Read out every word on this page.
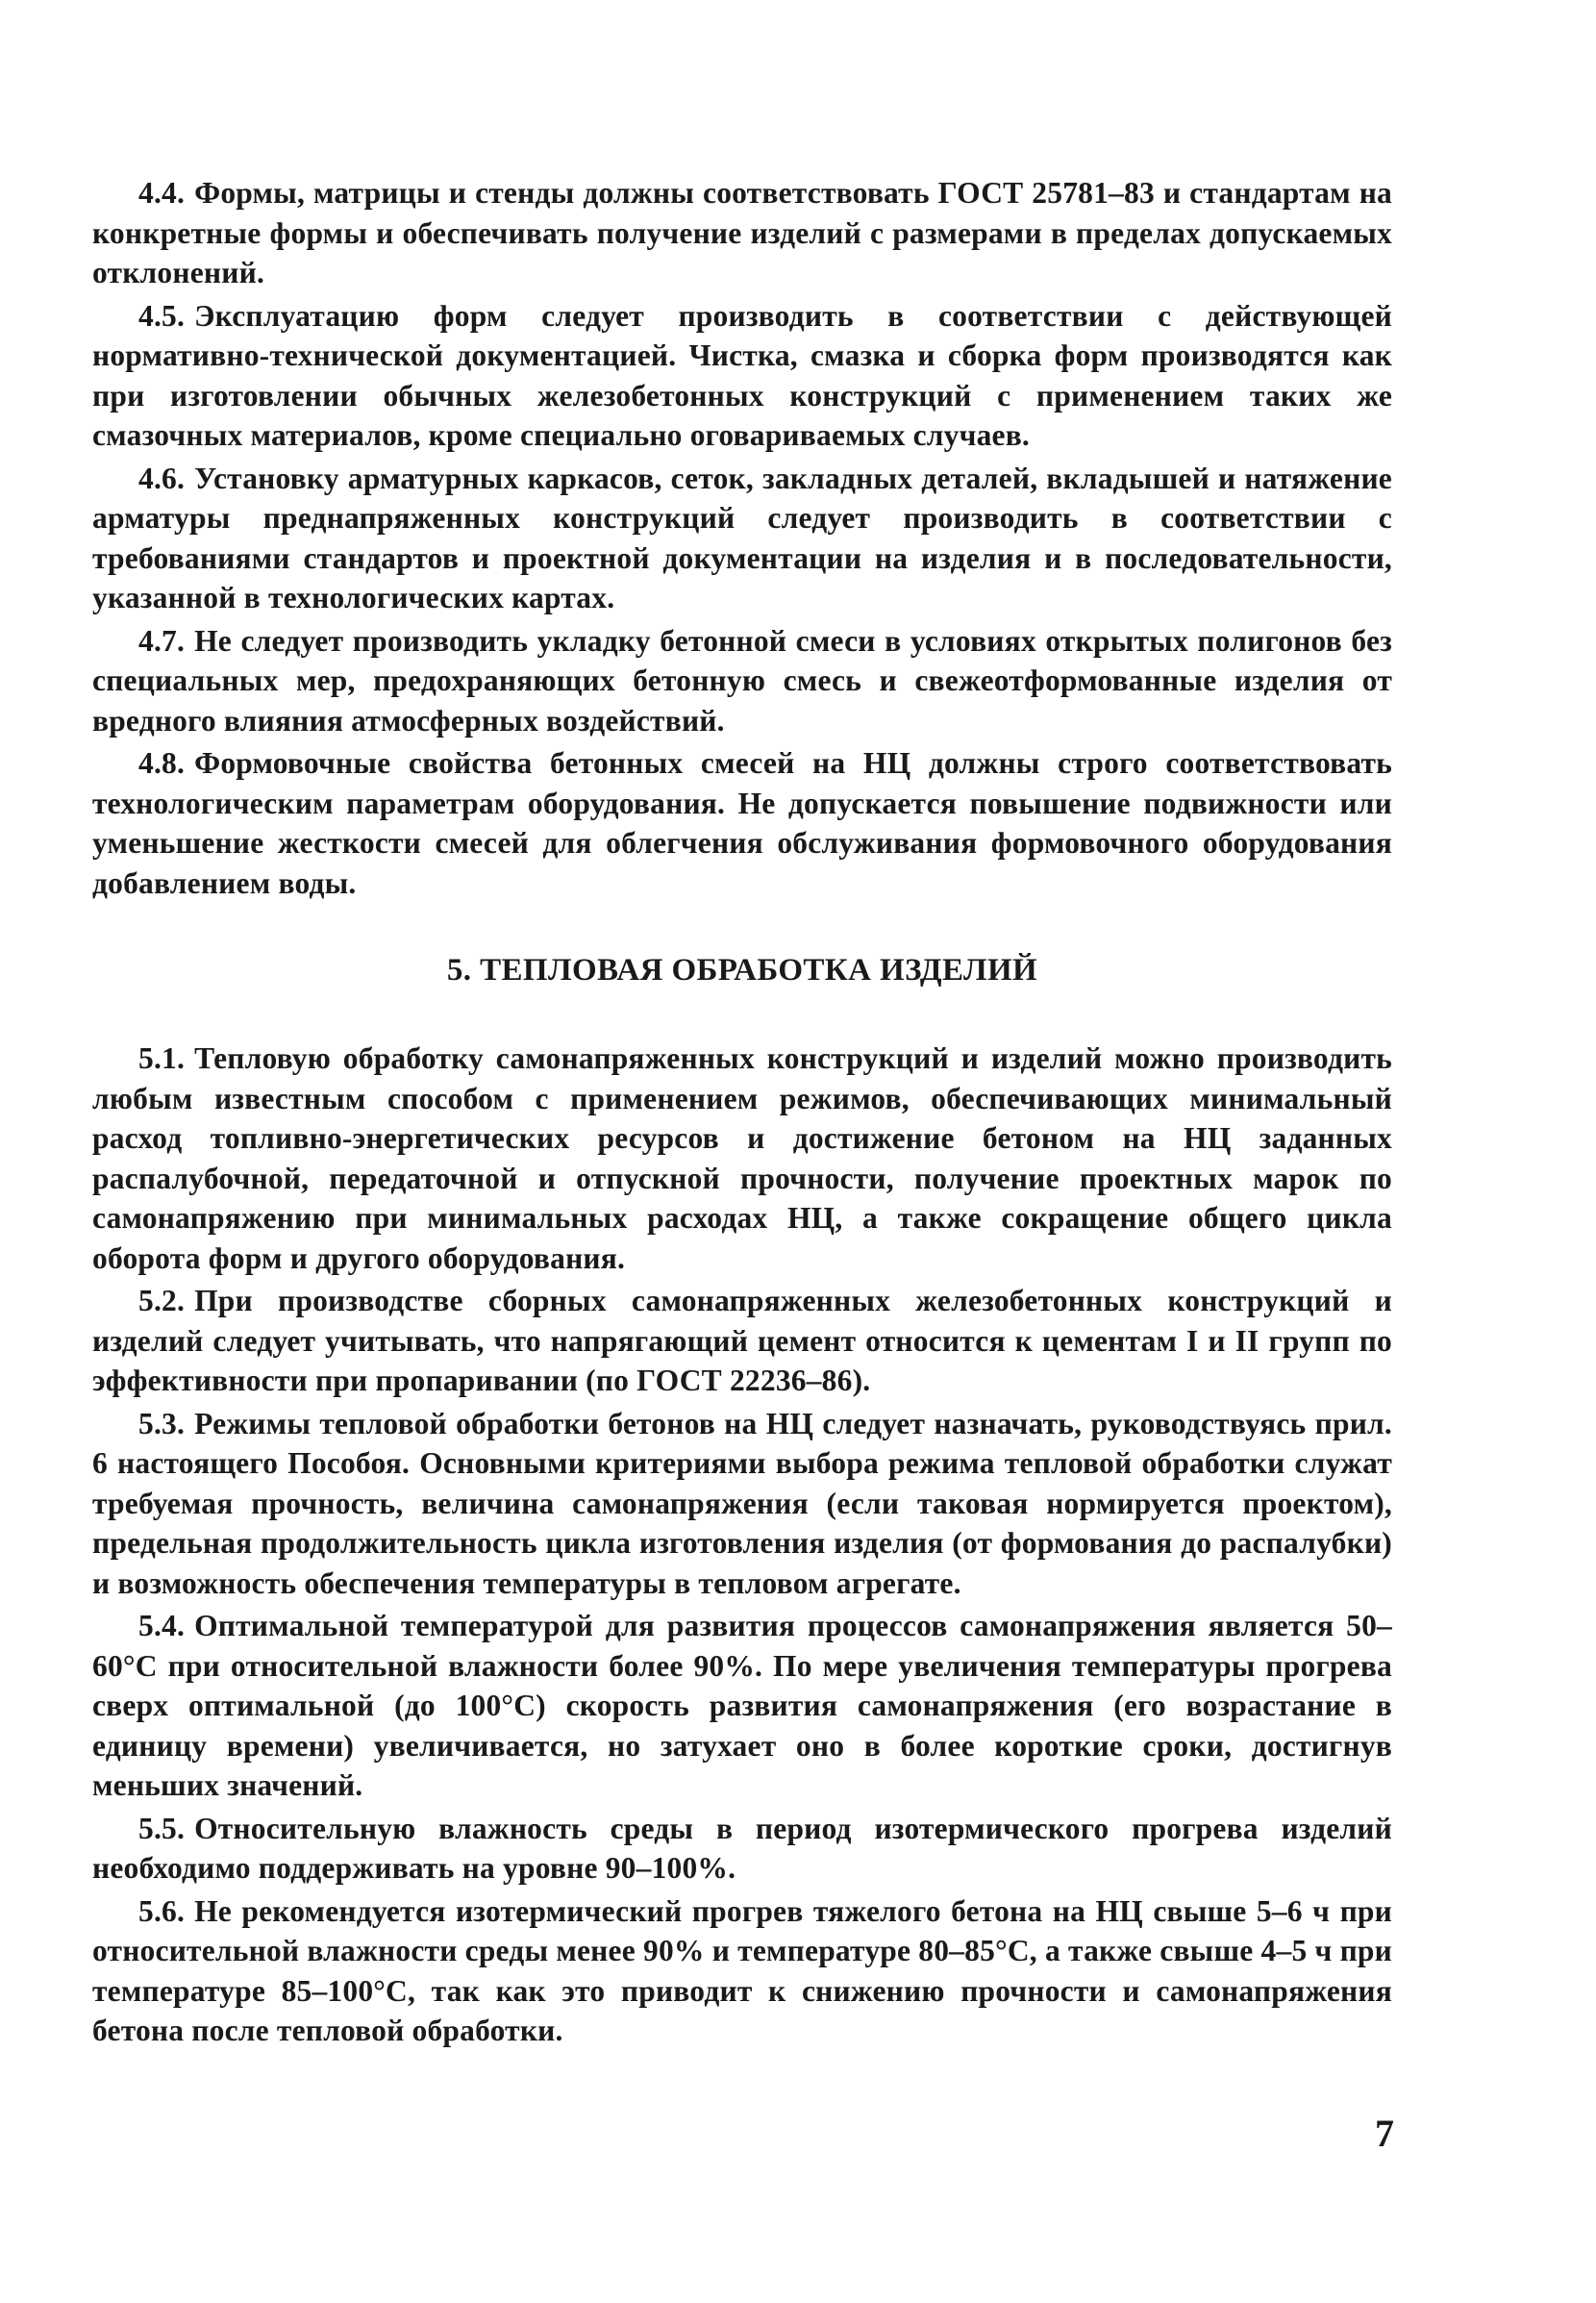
4.4. Формы, матрицы и стенды должны соответствовать ГОСТ 25781–83 и стандартам на конкретные формы и обеспечивать получение изделий с размерами в пределах допускаемых отклонений.

4.5. Эксплуатацию форм следует производить в соответствии с действующей нормативно-технической документацией. Чистка, смазка и сборка форм производятся как при изготовлении обычных железобетонных конструкций с применением таких же смазочных материалов, кроме специально оговариваемых случаев.

4.6. Установку арматурных каркасов, сеток, закладных деталей, вкладышей и натяжение арматуры преднапряженных конструкций следует производить в соответствии с требованиями стандартов и проектной документации на изделия и в последовательности, указанной в технологических картах.

4.7. Не следует производить укладку бетонной смеси в условиях открытых полигонов без специальных мер, предохраняющих бетонную смесь и свежеотформованные изделия от вредного влияния атмосферных воздействий.

4.8. Формовочные свойства бетонных смесей на НЦ должны строго соответствовать технологическим параметрам оборудования. Не допускается повышение подвижности или уменьшение жесткости смесей для облегчения обслуживания формовочного оборудования добавлением воды.

5. ТЕПЛОВАЯ ОБРАБОТКА ИЗДЕЛИЙ

5.1. Тепловую обработку самонапряженных конструкций и изделий можно производить любым известным способом с применением режимов, обеспечивающих минимальный расход топливно-энергетических ресурсов и достижение бетоном на НЦ заданных распалубочной, передаточной и отпускной прочности, получение проектных марок по самонапряжению при минимальных расходах НЦ, а также сокращение общего цикла оборота форм и другого оборудования.

5.2. При производстве сборных самонапряженных железобетонных конструкций и изделий следует учитывать, что напрягающий цемент относится к цементам I и II групп по эффективности при пропаривании (по ГОСТ 22236–86).

5.3. Режимы тепловой обработки бетонов на НЦ следует назначать, руководствуясь прил. 6 настоящего Пособоя. Основными критериями выбора режима тепловой обработки служат требуемая прочность, величина самонапряжения (если таковая нормируется проектом), предельная продолжительность цикла изготовления изделия (от формования до распалубки) и возможность обеспечения температуры в тепловом агрегате.

5.4. Оптимальной температурой для развития процессов самонапряжения является 50–60°С при относительной влажности более 90%. По мере увеличения температуры прогрева сверх оптимальной (до 100°С) скорость развития самонапряжения (его возрастание в единицу времени) увеличивается, но затухает оно в более короткие сроки, достигнув меньших значений.

5.5. Относительную влажность среды в период изотермического прогрева изделий необходимо поддерживать на уровне 90–100%.

5.6. Не рекомендуется изотермический прогрев тяжелого бетона на НЦ свыше 5–6 ч при относительной влажности среды менее 90% и температуре 80–85°С, а также свыше 4–5 ч при температуре 85–100°С, так как это приводит к снижению прочности и самонапряжения бетона после тепловой обработки.

7
